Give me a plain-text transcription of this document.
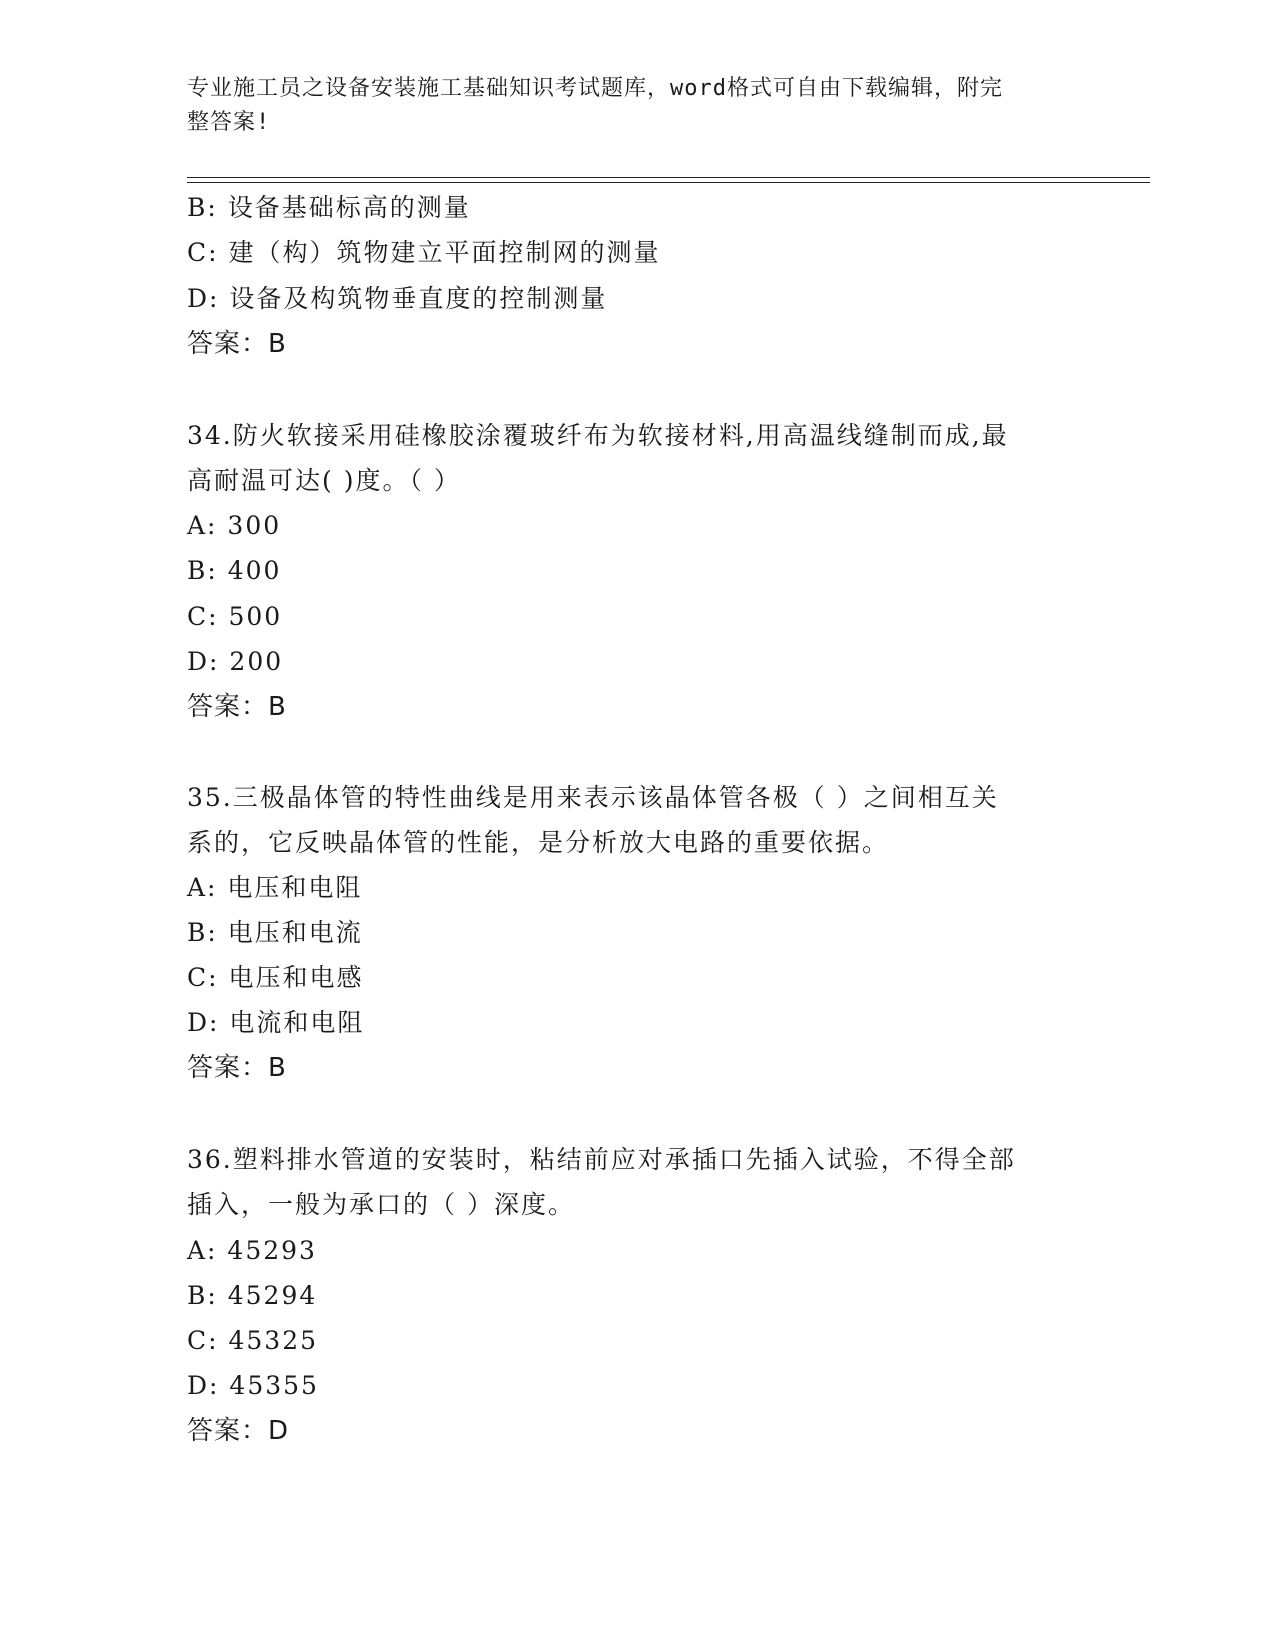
专业施工员之设备安装施工基础知识考试题库，word格式可自由下载编辑，附完
整答案!
B: 设备基础标高的测量
C: 建（构）筑物建立平面控制网的测量
D: 设备及构筑物垂直度的控制测量
答案：B
34.防火软接采用硅橡胶涂覆玻纤布为软接材料,用高温线缝制而成,最
高耐温可达( )度。（ ）
A: 300
B: 400
C: 500
D: 200
答案：B
35.三极晶体管的特性曲线是用来表示该晶体管各极（ ）之间相互关
系的，它反映晶体管的性能，是分析放大电路的重要依据。
A: 电压和电阻
B: 电压和电流
C: 电压和电感
D: 电流和电阻
答案：B
36.塑料排水管道的安装时，粘结前应对承插口先插入试验，不得全部
插入，一般为承口的（ ）深度。
A: 45293
B: 45294
C: 45325
D: 45355
答案：D
